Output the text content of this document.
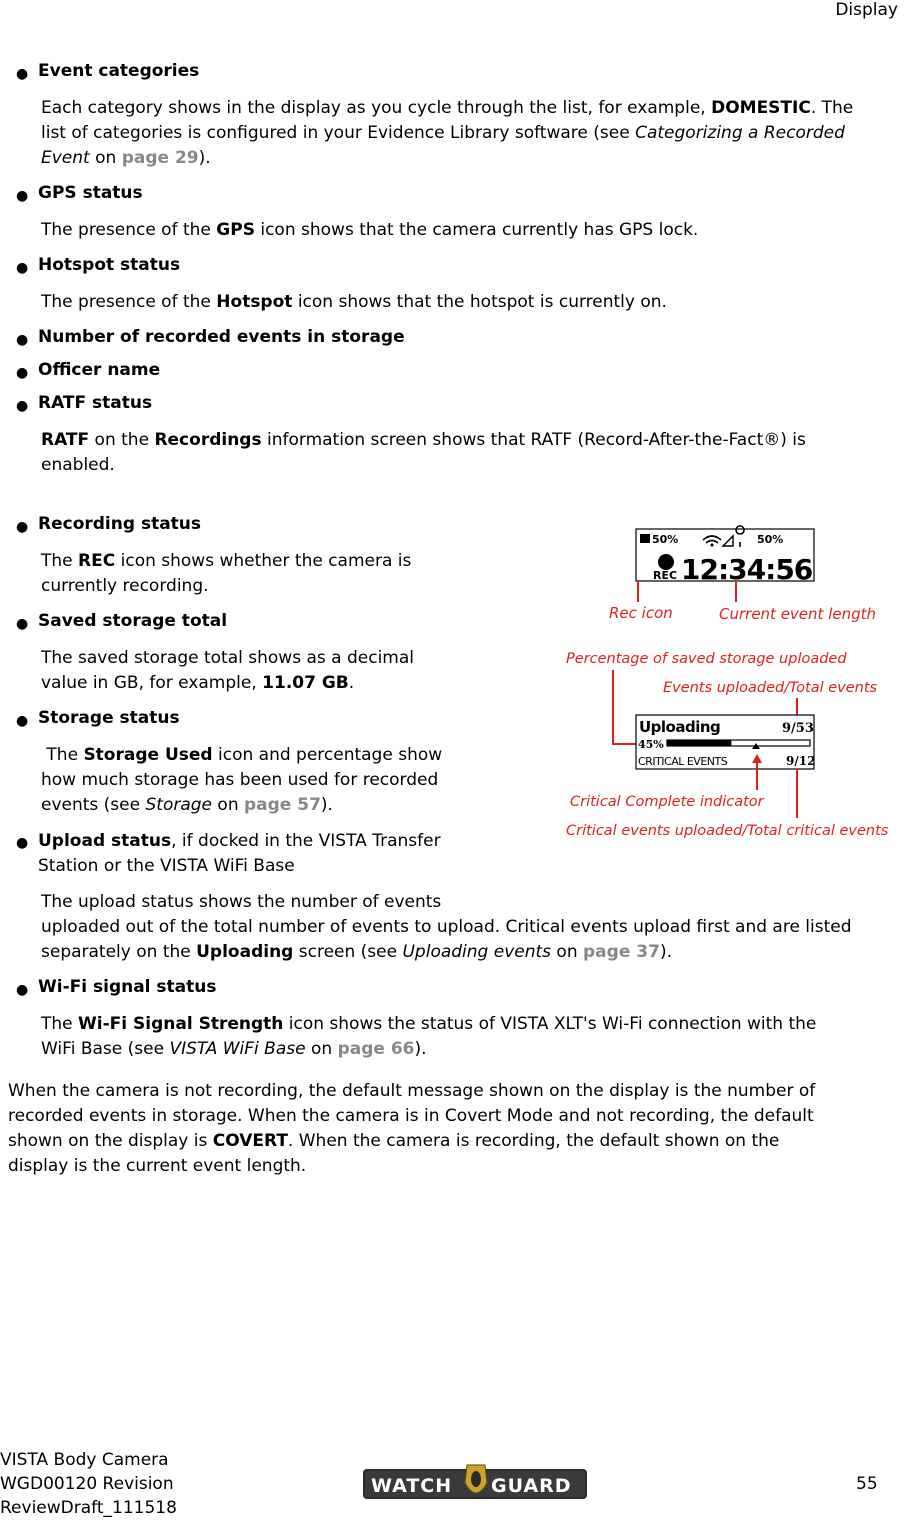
Display
● Event categories
Each category shows in the display as you cycle through the list, for example, DOMESTIC. The
list of categories is configured in your Evidence Library software (see Categorizing a Recorded
Event on page 29).
● GPS status
The presence of the GPS icon shows that the camera currently has GPS lock.
● Hotspot status
The presence of the Hotspot icon shows that the hotspot is currently on.
● Number of recorded events in storage
● Officer name
● RATF status
RATF on the Recordings information screen shows that RATF (Record-After-the-Fact®) is
enabled.
● Recording status
The REC icon shows whether the camera is
currently recording.
● Saved storage total
The saved storage total shows as a decimal
value in GB, for example, 11.07 GB.
● Storage status
The Storage Used icon and percentage show
how much storage has been used for recorded
events (see Storage on page 57).
● Upload status, if docked in the VISTA Transfer
Station or the VISTA WiFi Base
The upload status shows the number of events
uploaded out of the total number of events to upload. Critical events upload first and are listed
separately on the Uploading screen (see Uploading events on page 37).
● Wi-Fi signal status
The Wi-Fi Signal Strength icon shows the status of VISTA XLT's Wi-Fi connection with the
WiFi Base (see VISTA WiFi Base on page 66).
When the camera is not recording, the default message shown on the display is the number of
recorded events in storage. When the camera is in Covert Mode and not recording, the default
shown on the display is COVERT. When the camera is recording, the default shown on the
display is the current event length.
50%	50%
REC 12:34:56
Rec icon	Current event length
Percentage of saved storage uploaded
Events uploaded/Total events
Uploading	9/53
45%
CRITICAL EVENTS	9/12
Critical Complete indicator
Critical events uploaded/Total critical events
VISTA Body Camera
WGD00120 Revision
ReviewDraft_111518
WATCH GUARD	55
